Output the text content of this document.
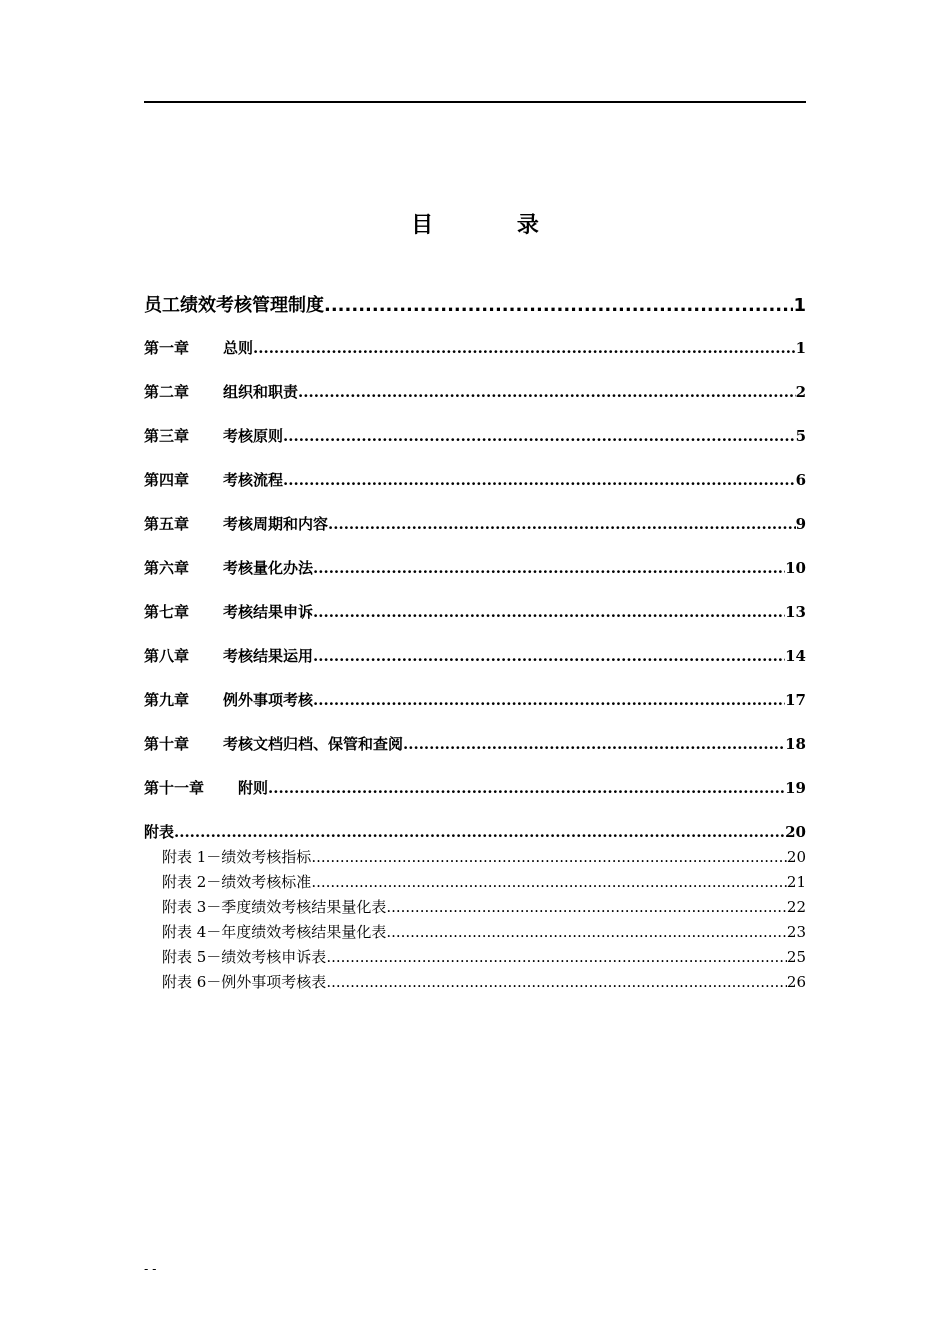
目 录
员工绩效考核管理制度 .....	1
第一章 总则 .....	1
第二章 组织和职责 .....	2
第三章 考核原则 .....	5
第四章 考核流程 .....	6
第五章 考核周期和内容 .....	9
第六章 考核量化办法 .....	10
第七章 考核结果申诉 .....	13
第八章 考核结果运用 .....	14
第九章 例外事项考核 .....	17
第十章 考核文档归档、保管和查阅 .....	18
第十一章 附则 .....	19
附表 .....	20
附表 1－绩效考核指标 .....	20
附表 2－绩效考核标准 .....	21
附表 3－季度绩效考核结果量化表 .....	22
附表 4－年度绩效考核结果量化表 .....	23
附表 5－绩效考核申诉表 .....	25
附表 6－例外事项考核表 .....	26
- -
